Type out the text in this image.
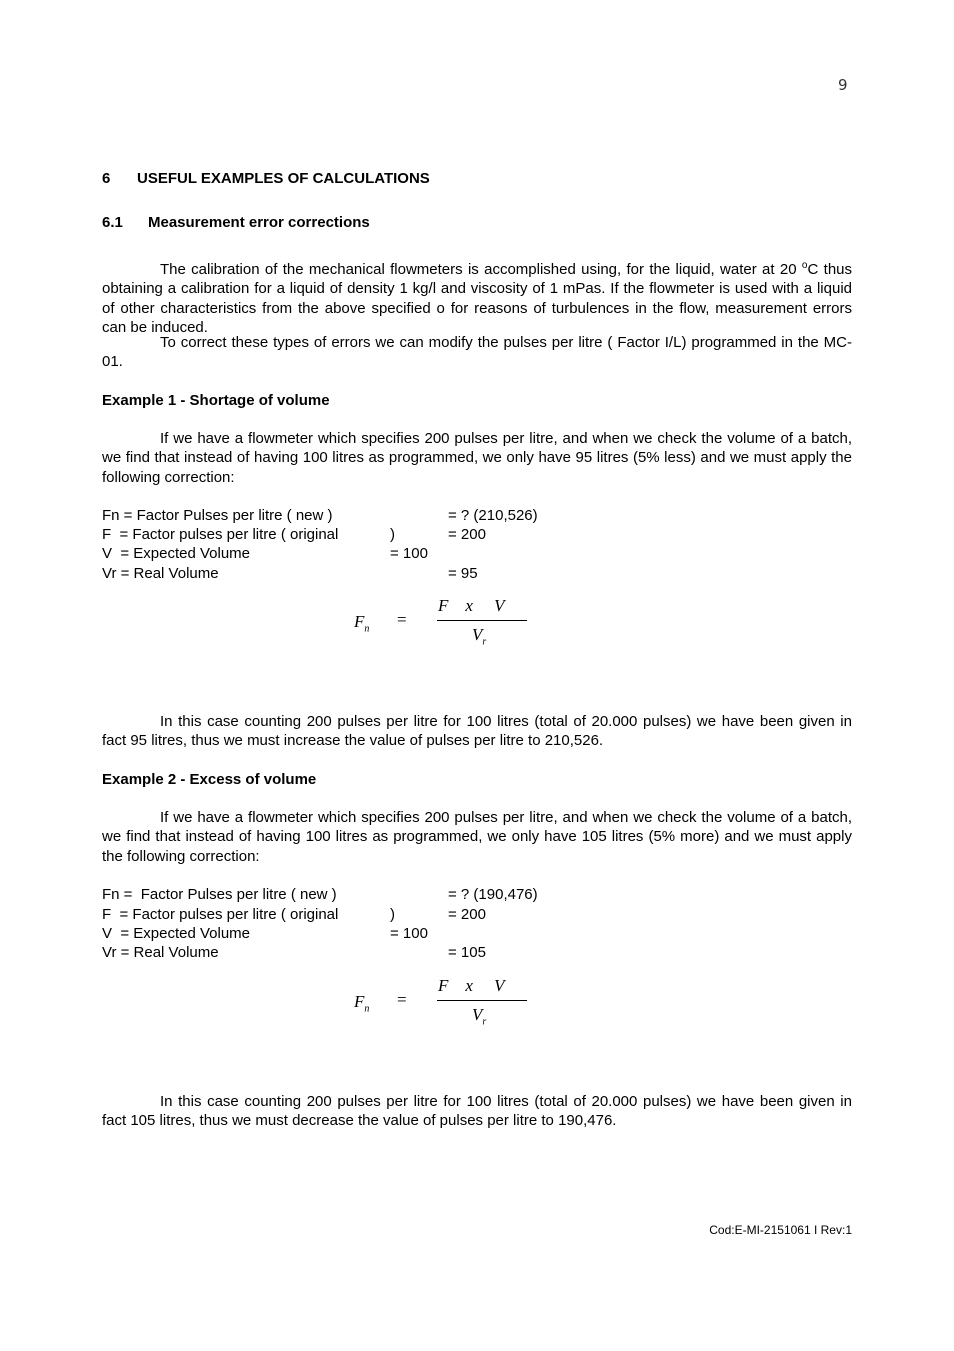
9
6 USEFUL EXAMPLES OF CALCULATIONS
6.1 Measurement error corrections
The calibration of the mechanical flowmeters is accomplished using, for the liquid, water at 20 $^o$C thus obtaining a calibration for a liquid of density 1 kg/l and viscosity of 1 mPas. If the flowmeter is used with a liquid of other characteristics from the above specified o for reasons of turbulences in the flow, measurement errors can be induced.
To correct these types of errors we can modify the pulses per litre ( Factor I/L) programmed in the MC-01.
Example 1 - Shortage of volume
If we have a flowmeter which specifies 200 pulses per litre, and when we check the volume of a batch, we find that instead of having 100 litres as programmed, we only have 95 litres (5% less) and we must apply the following correction:
Fn = Factor Pulses per litre ( new )	= ? (210,526)
F  = Factor pulses per litre ( original	)	= 200
V  = Expected Volume	= 100
Vr = Real Volume	= 95
$F_n$ =
F    x     V
$V_r$
In this case counting 200 pulses per litre for 100 litres (total of 20.000 pulses) we have been given in fact 95 litres, thus we must increase the value of pulses per litre to 210,526.
Example 2 - Excess of volume
If we have a flowmeter which specifies 200 pulses per litre, and when we check the volume of a batch, we find that instead of having 100 litres as programmed, we only have 105 litres (5% more) and we must apply the following correction:
Fn =  Factor Pulses per litre ( new )	= ? (190,476)
F  = Factor pulses per litre ( original	)	= 200
V  = Expected Volume	= 100
Vr = Real Volume	= 105
$F_n$ =
F    x     V
$V_r$
In this case counting 200 pulses per litre for 100 litres (total of 20.000 pulses) we have been given in fact 105 litres, thus we must decrease the value of pulses per litre to 190,476.
Cod:E-MI-2151061 I Rev:1
